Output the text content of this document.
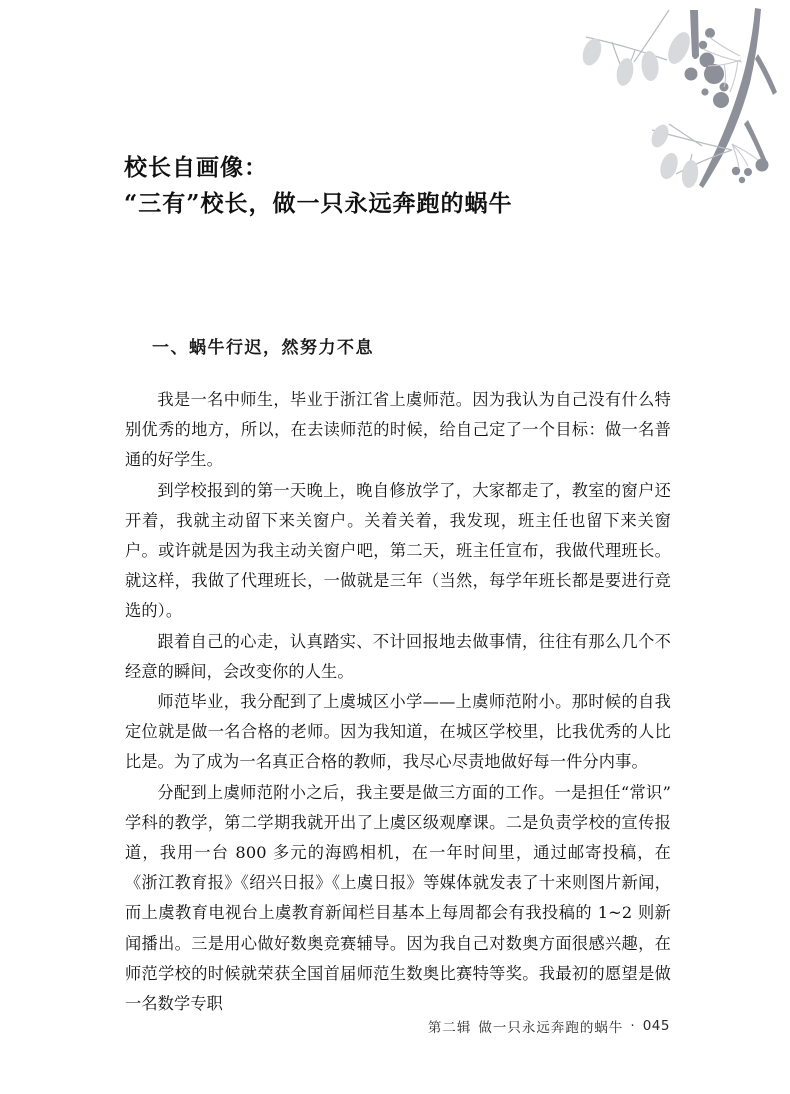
校长自画像：
“三有”校长，做一只永远奔跑的蜗牛
一、蜗牛行迟，然努力不息

我是一名中师生，毕业于浙江省上虞师范。因为我认为自己没有什么特别优秀的地方，所以，在去读师范的时候，给自己定了一个目标：做一名普通的好学生。

到学校报到的第一天晚上，晚自修放学了，大家都走了，教室的窗户还开着，我就主动留下来关窗户。关着关着，我发现，班主任也留下来关窗户。或许就是因为我主动关窗户吧，第二天，班主任宣布，我做代理班长。就这样，我做了代理班长，一做就是三年（当然，每学年班长都是要进行竞选的）。

跟着自己的心走，认真踏实、不计回报地去做事情，往往有那么几个不经意的瞬间，会改变你的人生。

师范毕业，我分配到了上虞城区小学——上虞师范附小。那时候的自我定位就是做一名合格的老师。因为我知道，在城区学校里，比我优秀的人比比是。为了成为一名真正合格的教师，我尽心尽责地做好每一件分内事。

分配到上虞师范附小之后，我主要是做三方面的工作。一是担任“常识”学科的教学，第二学期我就开出了上虞区级观摩课。二是负责学校的宣传报道，我用一台 800 多元的海鸥相机，在一年时间里，通过邮寄投稿，在《浙江教育报》《绍兴日报》《上虞日报》等媒体就发表了十来则图片新闻，而上虞教育电视台上虞教育新闻栏目基本上每周都会有我投稿的 1~2 则新闻播出。三是用心做好数奥竞赛辅导。因为我自己对数奥方面很感兴趣，在师范学校的时候就荣获全国首届师范生数奥比赛特等奖。我最初的愿望是做一名数学专职

第二辑 做一只永远奔跑的蜗牛 · 045
